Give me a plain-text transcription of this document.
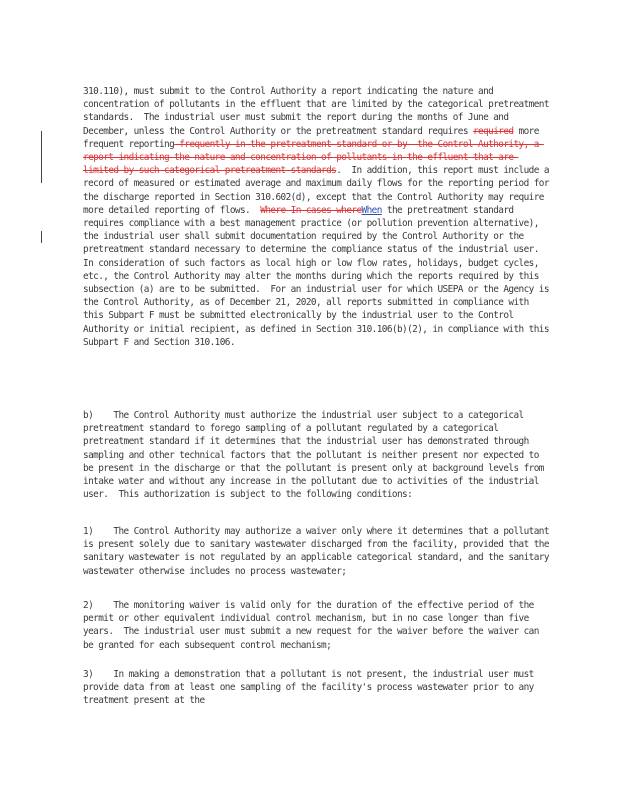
310.110), must submit to the Control Authority a report indicating the nature and concentration of pollutants in the effluent that are limited by the categorical pretreatment standards.  The industrial user must submit the report during the months of June and December, unless the Control Authority or the pretreatment standard requires required more frequent reporting frequently in the pretreatment standard or by  the Control Authority, a report indicating the nature and concentration of pollutants in the effluent that are limited by such categorical pretreatment standards.  In addition, this report must include a record of measured or estimated average and maximum daily flows for the reporting period for the discharge reported in Section 310.602(d), except that the Control Authority may require more detailed reporting of flows.  Where In cases whereWhen the pretreatment standard requires compliance with a best management practice (or pollution prevention alternative), the industrial user shall submit documentation required by the Control Authority or the pretreatment standard necessary to determine the compliance status of the industrial user.  In consideration of such factors as local high or low flow rates, holidays, budget cycles, etc., the Control Authority may alter the months during which the reports required by this subsection (a) are to be submitted.  For an industrial user for which USEPA or the Agency is the Control Authority, as of December 21, 2020, all reports submitted in compliance with this Subpart F must be submitted electronically by the industrial user to the Control Authority or initial recipient, as defined in Section 310.106(b)(2), in compliance with this Subpart F and Section 310.106.
b)    The Control Authority must authorize the industrial user subject to a categorical pretreatment standard to forego sampling of a pollutant regulated by a categorical pretreatment standard if it determines that the industrial user has demonstrated through sampling and other technical factors that the pollutant is neither present nor expected to be present in the discharge or that the pollutant is present only at background levels from intake water and without any increase in the pollutant due to activities of the industrial user.  This authorization is subject to the following conditions:
1)    The Control Authority may authorize a waiver only where it determines that a pollutant is present solely due to sanitary wastewater discharged from the facility, provided that the sanitary wastewater is not regulated by an applicable categorical standard, and the sanitary wastewater otherwise includes no process wastewater;
2)    The monitoring waiver is valid only for the duration of the effective period of the permit or other equivalent individual control mechanism, but in no case longer than five years.  The industrial user must submit a new request for the waiver before the waiver can be granted for each subsequent control mechanism;
3)    In making a demonstration that a pollutant is not present, the industrial user must provide data from at least one sampling of the facility's process wastewater prior to any treatment present at the
